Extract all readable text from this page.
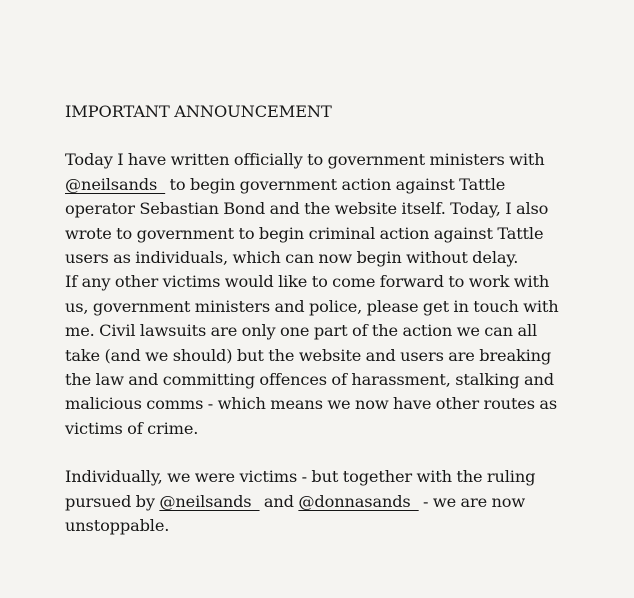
IMPORTANT ANNOUNCEMENT
Today I have written officially to government ministers with
@neilsands_ to begin government action against Tattle
operator Sebastian Bond and the website itself. Today, I also
wrote to government to begin criminal action against Tattle
users as individuals, which can now begin without delay.
If any other victims would like to come forward to work with
us, government ministers and police, please get in touch with
me. Civil lawsuits are only one part of the action we can all
take (and we should) but the website and users are breaking
the law and committing offences of harassment, stalking and
malicious comms - which means we now have other routes as
victims of crime.
Individually, we were victims - but together with the ruling
pursued by @neilsands_ and @donnasands_ - we are now
unstoppable.
